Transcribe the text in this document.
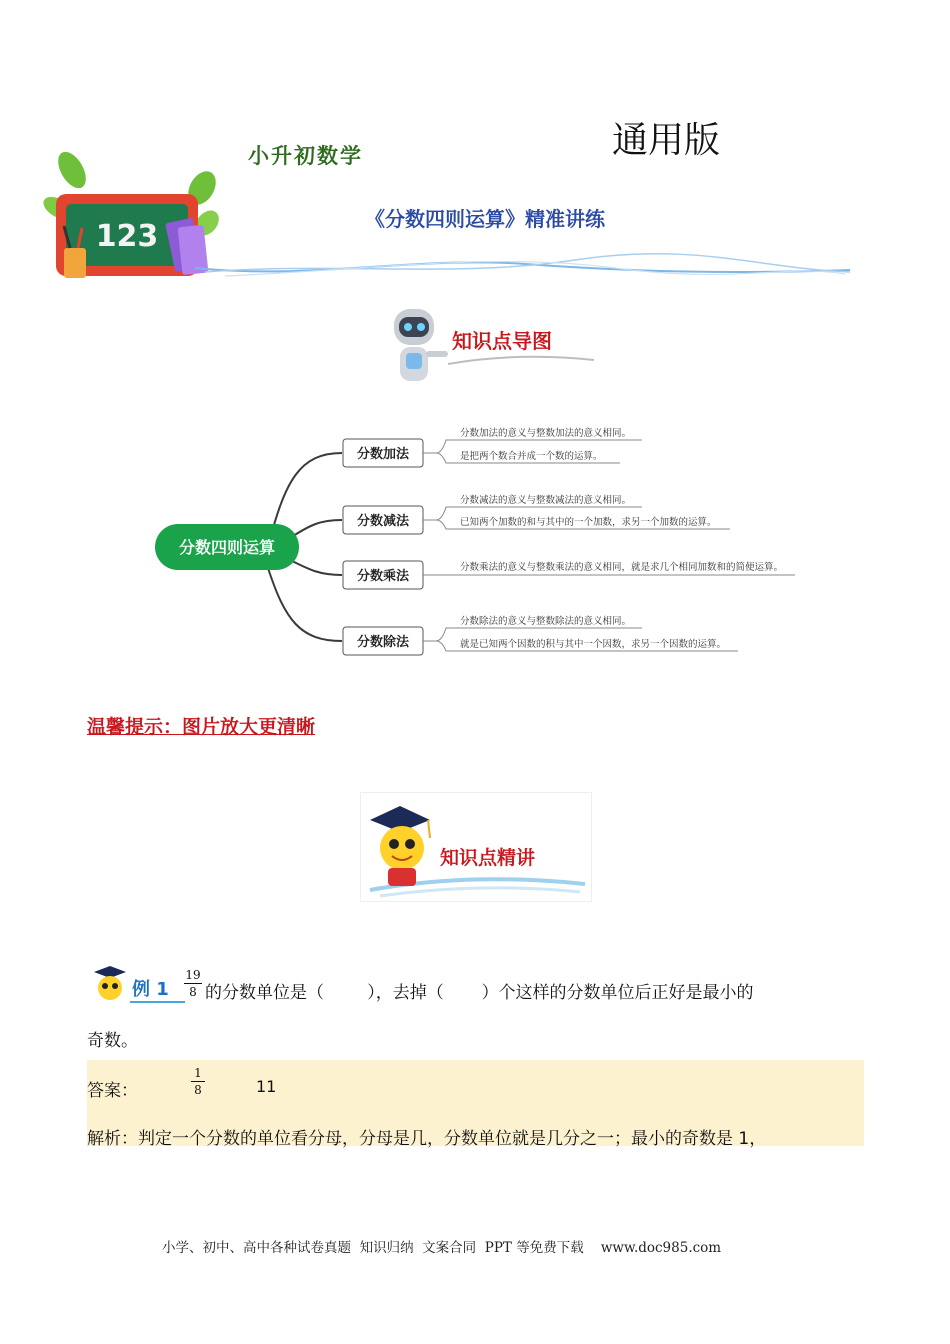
通用版
123
小升初数学
《分数四则运算》精准讲练
知识点导图
分数四则运算
分数加法
分数加法的意义与整数加法的意义相同。
是把两个数合并成一个数的运算。
分数减法
分数减法的意义与整数减法的意义相同。
已知两个加数的和与其中的一个加数，求另一个加数的运算。
分数乘法
分数乘法的意义与整数乘法的意义相同，就是求几个相同加数和的简便运算。
分数除法
分数除法的意义与整数除法的意义相同。
就是已知两个因数的积与其中一个因数，求另一个因数的运算。
温馨提示：图片放大更清晰
知识点精讲
例 1
19
8 的分数单位是（	），去掉（ ）个这样的分数单位后正好是最小的
奇数。
答案：
1
8	11
解析：判定一个分数的单位看分母，分母是几，分数单位就是几分之一；最小的奇数是 1，
小学、初中、高中各种试卷真题  知识归纳  文案合同  PPT 等免费下载    www.doc985.com
